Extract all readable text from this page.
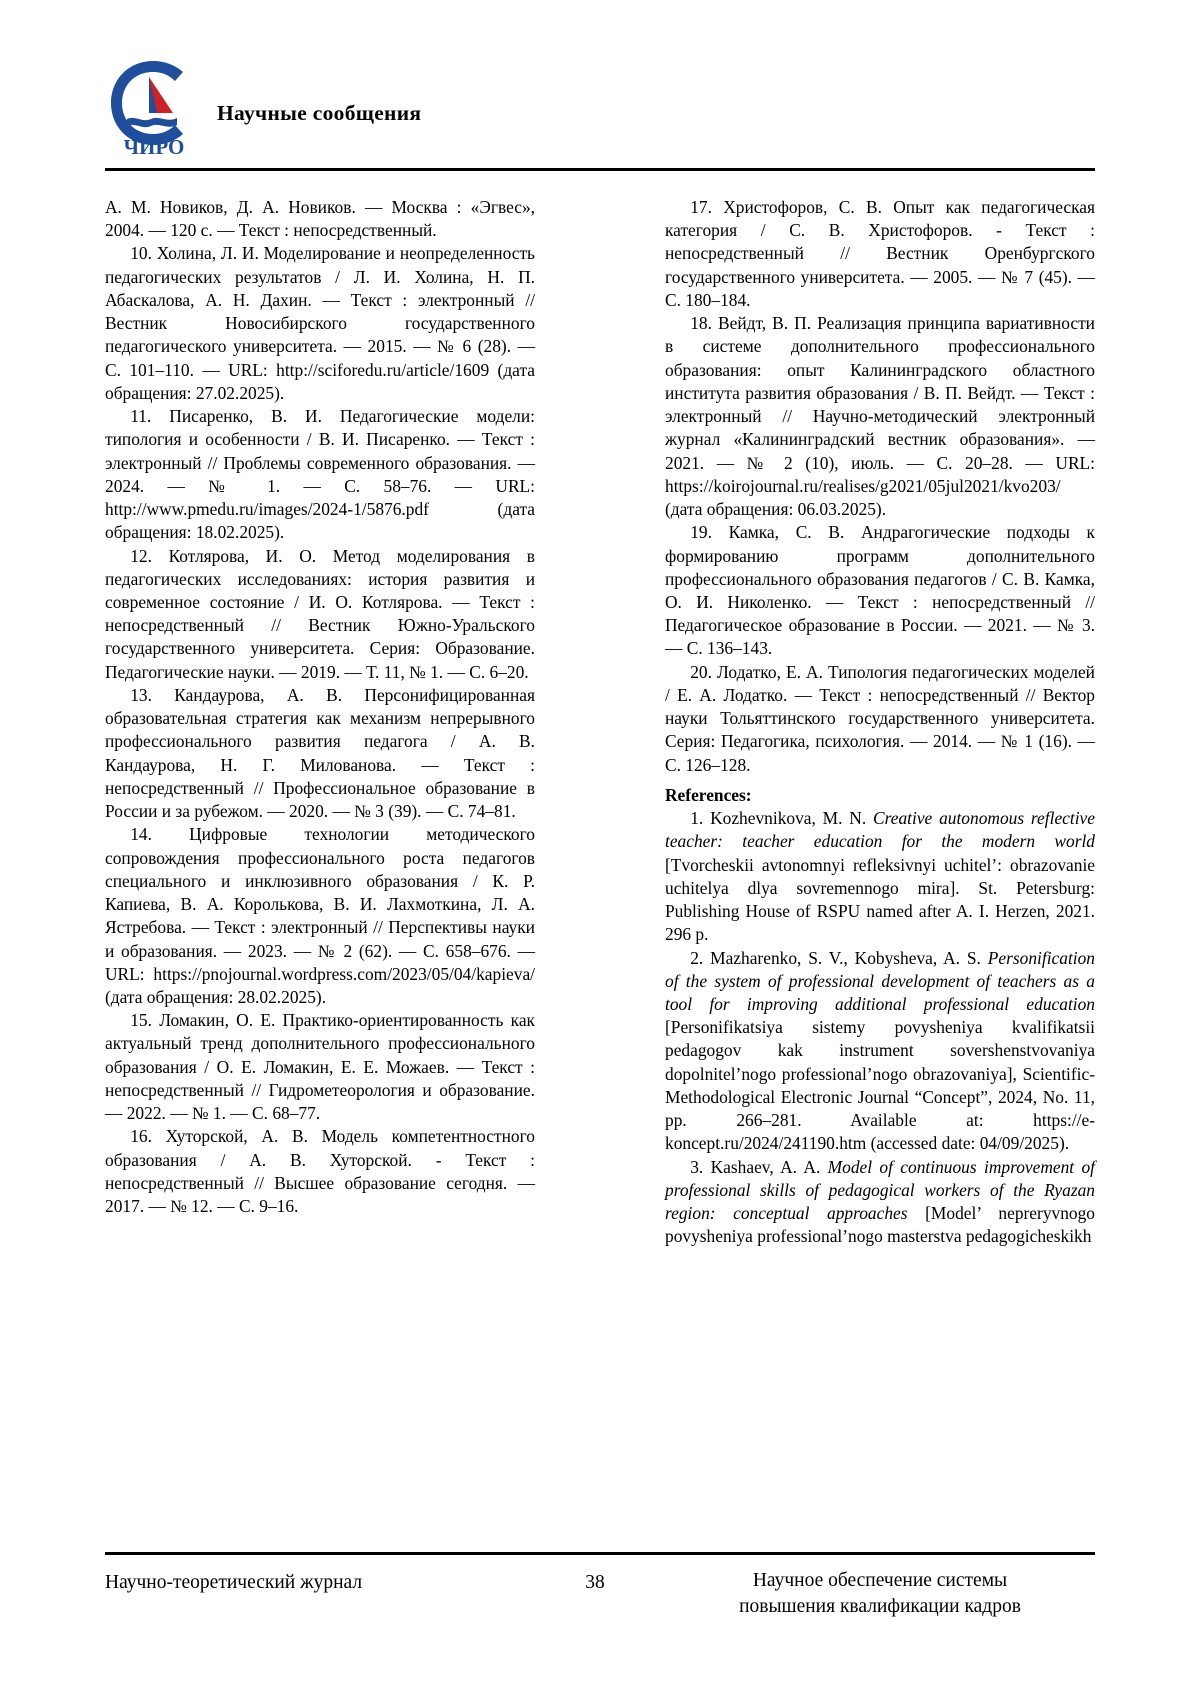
ЧИРО
Научные сообщения

А. М. Новиков, Д. А. Новиков. — Москва : «Эгвес», 2004. — 120 с. — Текст : непосредственный.

10. Холина, Л. И. Моделирование и неопределенность педагогических результатов / Л. И. Холина, Н. П. Абаскалова, А. Н. Дахин. — Текст : электронный // Вестник Новосибирского государственного педагогического университета. — 2015. — № 6 (28). — С. 101–110. — URL: http://sciforedu.ru/article/1609 (дата обращения: 27.02.2025).

11. Писаренко, В. И. Педагогические модели: типология и особенности / В. И. Писаренко. — Текст : электронный // Проблемы современного образования. — 2024. — № 1. — С. 58–76. — URL: http://www.pmedu.ru/images/2024-1/5876.pdf (дата обращения: 18.02.2025).

12. Котлярова, И. О. Метод моделирования в педагогических исследованиях: история развития и современное состояние / И. О. Котлярова. — Текст : непосредственный // Вестник Южно-Уральского государственного университета. Серия: Образование. Педагогические науки. — 2019. — Т. 11, № 1. — С. 6–20.

13. Кандаурова, А. В. Персонифицированная образовательная стратегия как механизм непрерывного профессионального развития педагога / А. В. Кандаурова, Н. Г. Милованова. — Текст : непосредственный // Профессиональное образование в России и за рубежом. — 2020. — № 3 (39). — С. 74–81.

14. Цифровые технологии методического сопровождения профессионального роста педагогов специального и инклюзивного образования / К. Р. Капиева, В. А. Королькова, В. И. Лахмоткина, Л. А. Ястребова. — Текст : электронный // Перспективы науки и образования. — 2023. — № 2 (62). — С. 658–676. — URL: https://pnojournal.wordpress.com/2023/05/04/kapieva/ (дата обращения: 28.02.2025).

15. Ломакин, О. Е. Практико-ориентированность как актуальный тренд дополнительного профессионального образования / О. Е. Ломакин, Е. Е. Можаев. — Текст : непосредственный // Гидрометеорология и образование. — 2022. — № 1. — С. 68–77.

16. Хуторской, А. В. Модель компетентностного образования / А. В. Хуторской. - Текст : непосредственный // Высшее образование сегодня. — 2017. — № 12. — С. 9–16.

17. Христофоров, С. В. Опыт как педагогическая категория / С. В. Христофоров. - Текст : непосредственный // Вестник Оренбургского государственного университета. — 2005. — № 7 (45). — С. 180–184.

18. Вейдт, В. П. Реализация принципа вариативности в системе дополнительного профессионального образования: опыт Калининградского областного института развития образования / В. П. Вейдт. — Текст : электронный // Научно-методический электронный журнал «Калининградский вестник образования». — 2021. — № 2 (10), июль. — С. 20–28. — URL: https://koirojournal.ru/realises/g2021/05jul2021/kvo203/ (дата обращения: 06.03.2025).

19. Камка, С. В. Андрагогические подходы к формированию программ дополнительного профессионального образования педагогов / С. В. Камка, О. И. Николенко. — Текст : непосредственный // Педагогическое образование в России. — 2021. — № 3. — С. 136–143.

20. Лодатко, Е. А. Типология педагогических моделей / Е. А. Лодатко. — Текст : непосредственный // Вектор науки Тольяттинского государственного университета. Серия: Педагогика, психология. — 2014. — № 1 (16). — С. 126–128.

References:

1. Kozhevnikova, M. N. Creative autonomous reflective teacher: teacher education for the modern world [Tvorcheskii avtonomnyi refleksivnyi uchitel’: obrazovanie uchitelya dlya sovremennogo mira]. St. Petersburg: Publishing House of RSPU named after A. I. Herzen, 2021. 296 p.

2. Mazharenko, S. V., Kobysheva, A. S. Personification of the system of professional development of teachers as a tool for improving additional professional education [Personifikatsiya sistemy povysheniya kvalifikatsii pedagogov kak instrument sovershenstvovaniya dopolnitel’nogo professional’nogo obrazovaniya], Scientific-Methodological Electronic Journal “Concept”, 2024, No. 11, pp. 266–281. Available at: https://e-koncept.ru/2024/241190.htm (accessed date: 04/09/2025).

3. Kashaev, A. A. Model of continuous improvement of professional skills of pedagogical workers of the Ryazan region: conceptual approaches [Model’ nepreryvnogo povysheniya professional’nogo masterstva pedagogicheskikh

Научно-теоретический журнал	38	Научное обеспечение системы
повышения квалификации кадров
